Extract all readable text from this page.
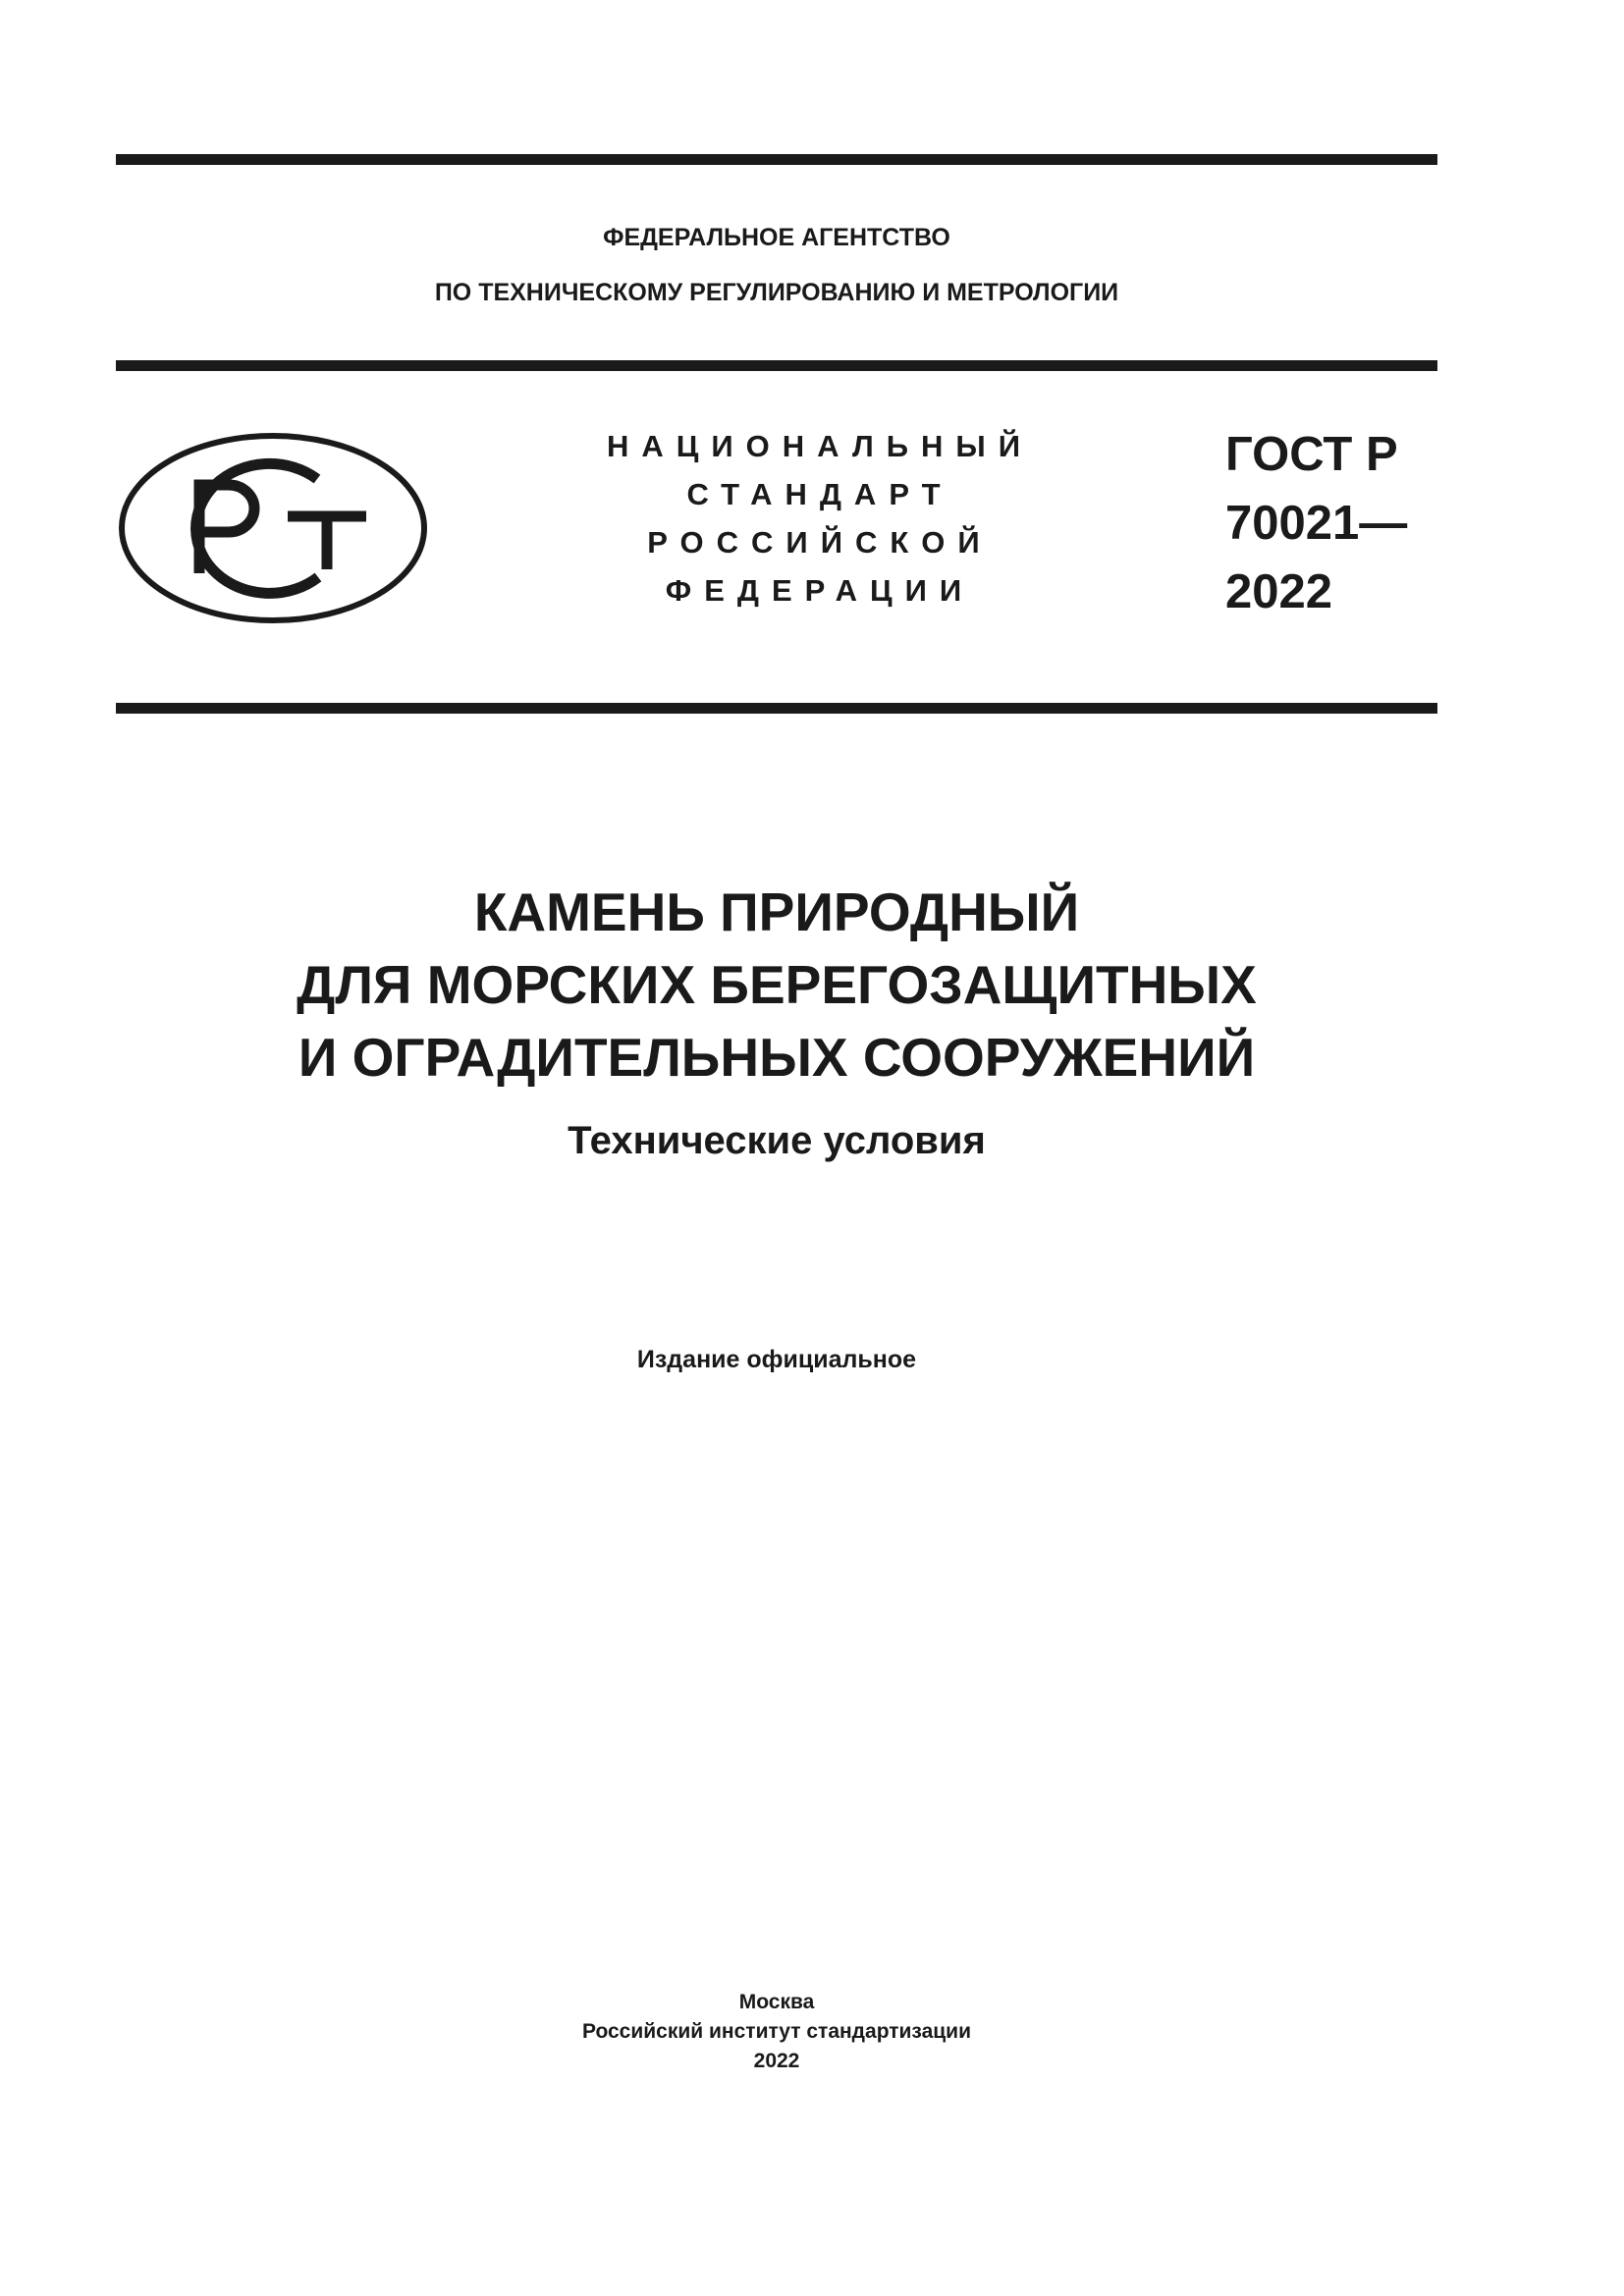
ФЕДЕРАЛЬНОЕ АГЕНТСТВО
ПО ТЕХНИЧЕСКОМУ РЕГУЛИРОВАНИЮ И МЕТРОЛОГИИ
НАЦИОНАЛЬНЫЙ
СТАНДАРТ
РОССИЙСКОЙ
ФЕДЕРАЦИИ
ГОСТ Р
70021—
2022
КАМЕНЬ ПРИРОДНЫЙ
ДЛЯ МОРСКИХ БЕРЕГОЗАЩИТНЫХ
И ОГРАДИТЕЛЬНЫХ СООРУЖЕНИЙ
Технические условия
Издание официальное
Москва
Российский институт стандартизации
2022
